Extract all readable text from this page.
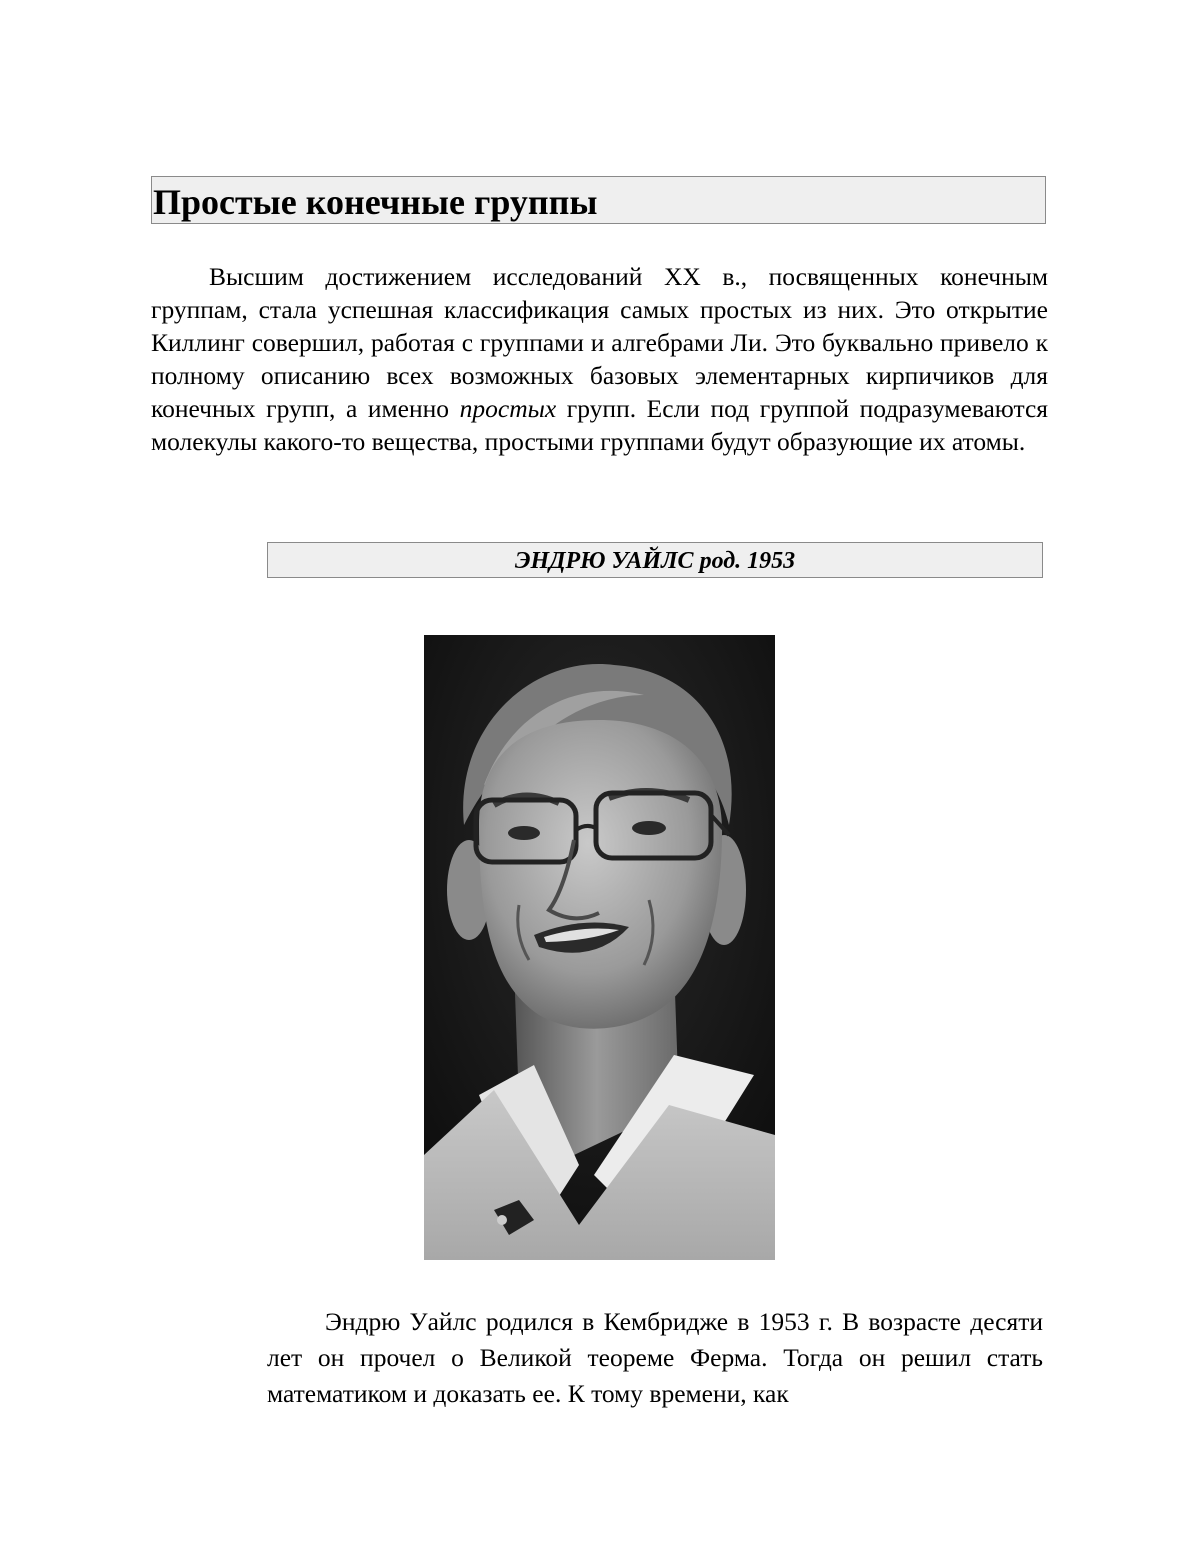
Простые конечные группы

Высшим достижением исследований XX в., посвященных конечным группам, стала успешная классификация самых простых из них. Это открытие Киллинг совершил, работая с группами и алгебрами Ли. Это буквально привело к полному описанию всех возможных базовых элементарных кирпичиков для конечных групп, а именно простых групп. Если под группой подразумеваются молекулы какого-то вещества, простыми группами будут образующие их атомы.

ЭНДРЮ УАЙЛС род. 1953

Эндрю Уайлс родился в Кембридже в 1953 г. В возрасте десяти лет он прочел о Великой теореме Ферма. Тогда он решил стать математиком и доказать ее. К тому времени, как
